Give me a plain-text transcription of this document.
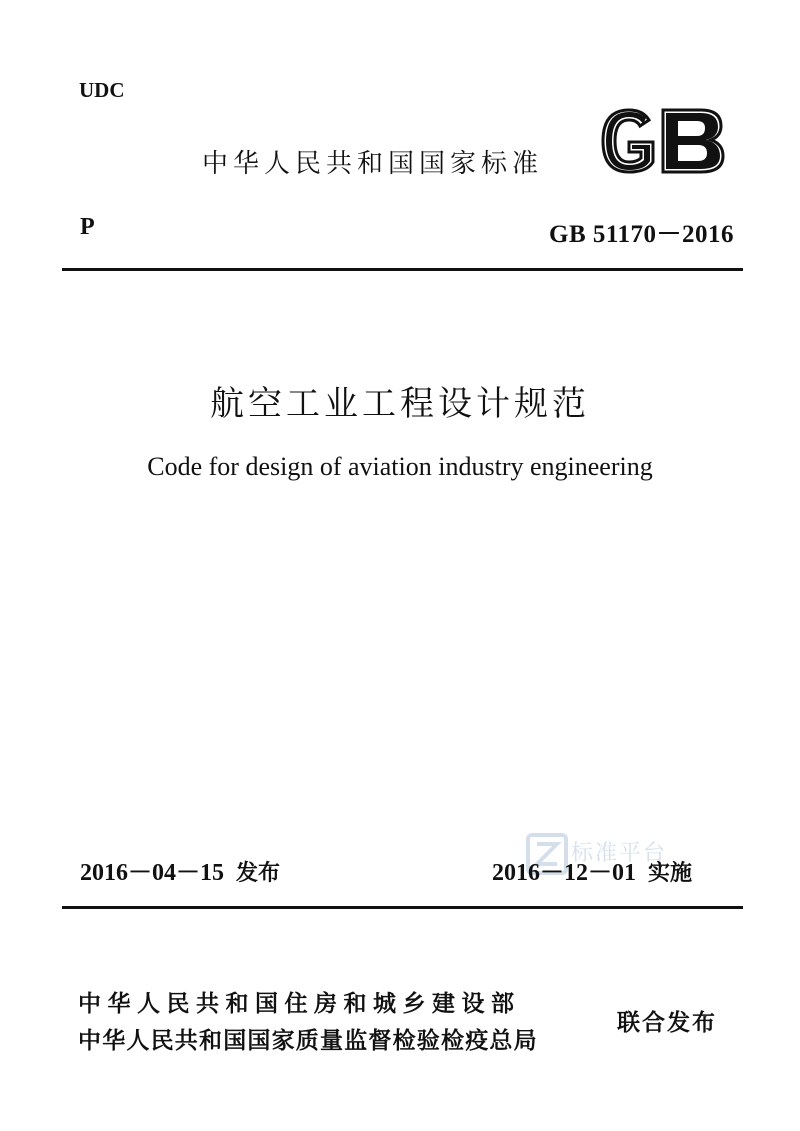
UDC
中华人民共和国国家标准
P	GB 51170－2016
航空工业工程设计规范
Code for design of aviation industry engineering
标准平台
2016－04－15 发布	2016－12－01 实施
中华人民共和国住房和城乡建设部
中华人民共和国国家质量监督检验检疫总局
联合发布
